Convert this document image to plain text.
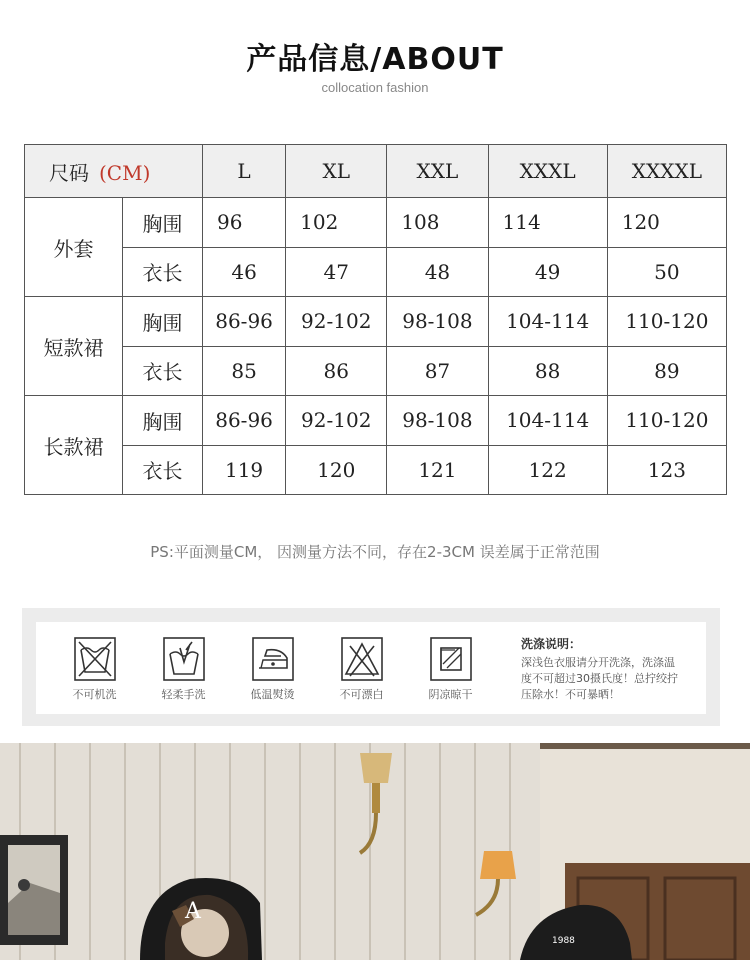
产品信息/ABOUT
collocation fashion
尺码 (CM)		L	XL	XXL	XXXL	XXXXL
外套	胸围	96	102	108	114	120
	衣长	46	47	48	49	50
短款裙	胸围	86-96	92-102	98-108	104-114	110-120
	衣长	85	86	87	88	89
长款裙	胸围	86-96	92-102	98-108	104-114	110-120
	衣长	119	120	121	122	123
PS:平面测量CM， 因测量方法不同，存在2-3CM 误差属于正常范围
不可机洗	轻柔手洗	低温熨烫	不可漂白	阴凉晾干
洗涤说明：
深浅色衣服请分开洗涤，洗涤温
度不可超过30摄氏度！总拧绞拧
压除水！不可暴晒！
A
1988
